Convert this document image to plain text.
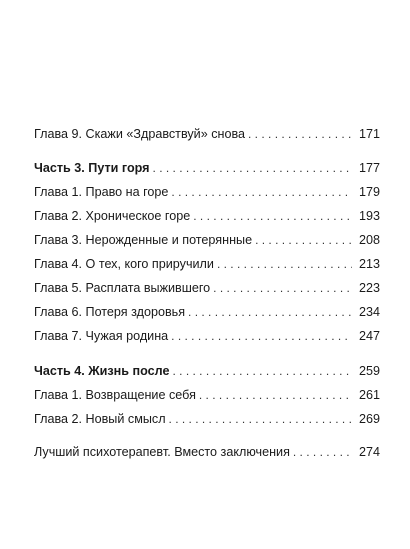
Глава 9. Скажи «Здравствуй» снова . . .	171
Часть 3. Пути горя . . .	177
Глава 1. Право на горе . . .	179
Глава 2. Хроническое горе . . .	193
Глава 3. Нерожденные и потерянные . . .	208
Глава 4. О тех, кого приручили . . .	213
Глава 5. Расплата выжившего . . .	223
Глава 6. Потеря здоровья . . .	234
Глава 7. Чужая родина . . .	247
Часть 4. Жизнь после . . .	259
Глава 1. Возвращение себя . . .	261
Глава 2. Новый смысл . . .	269
Лучший психотерапевт. Вместо заключения . . .	274
